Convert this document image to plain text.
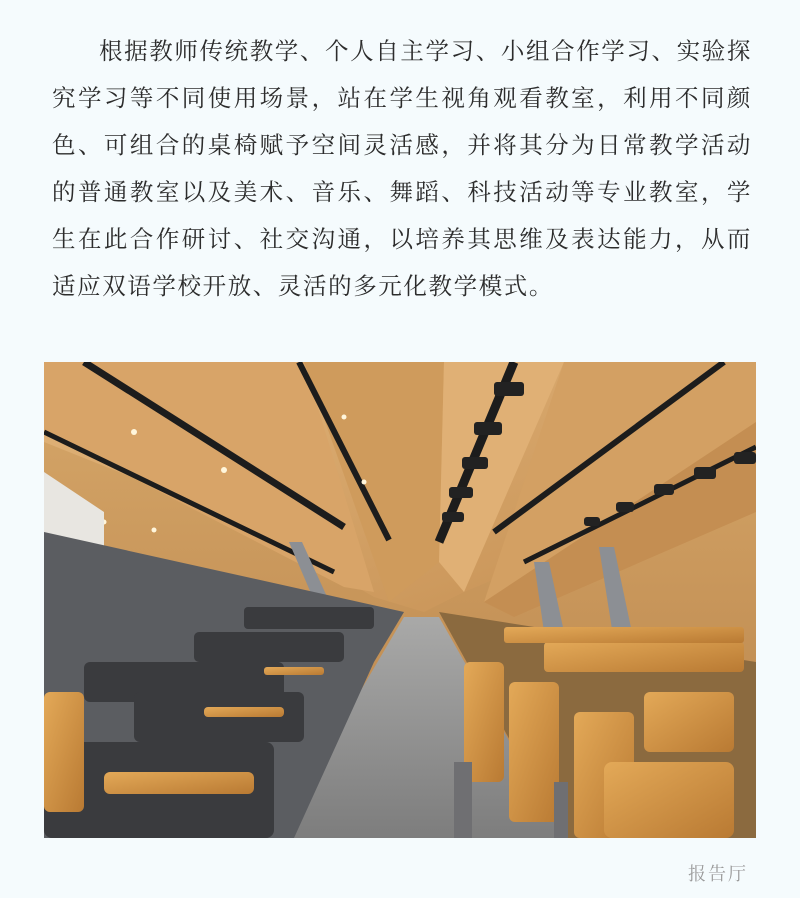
根据教师传统教学、个人自主学习、小组合作学习、实验探究学习等不同使用场景，站在学生视角观看教室，利用不同颜色、可组合的桌椅赋予空间灵活感，并将其分为日常教学活动的普通教室以及美术、音乐、舞蹈、科技活动等专业教室，学生在此合作研讨、社交沟通，以培养其思维及表达能力，从而适应双语学校开放、灵活的多元化教学模式。

报告厅
